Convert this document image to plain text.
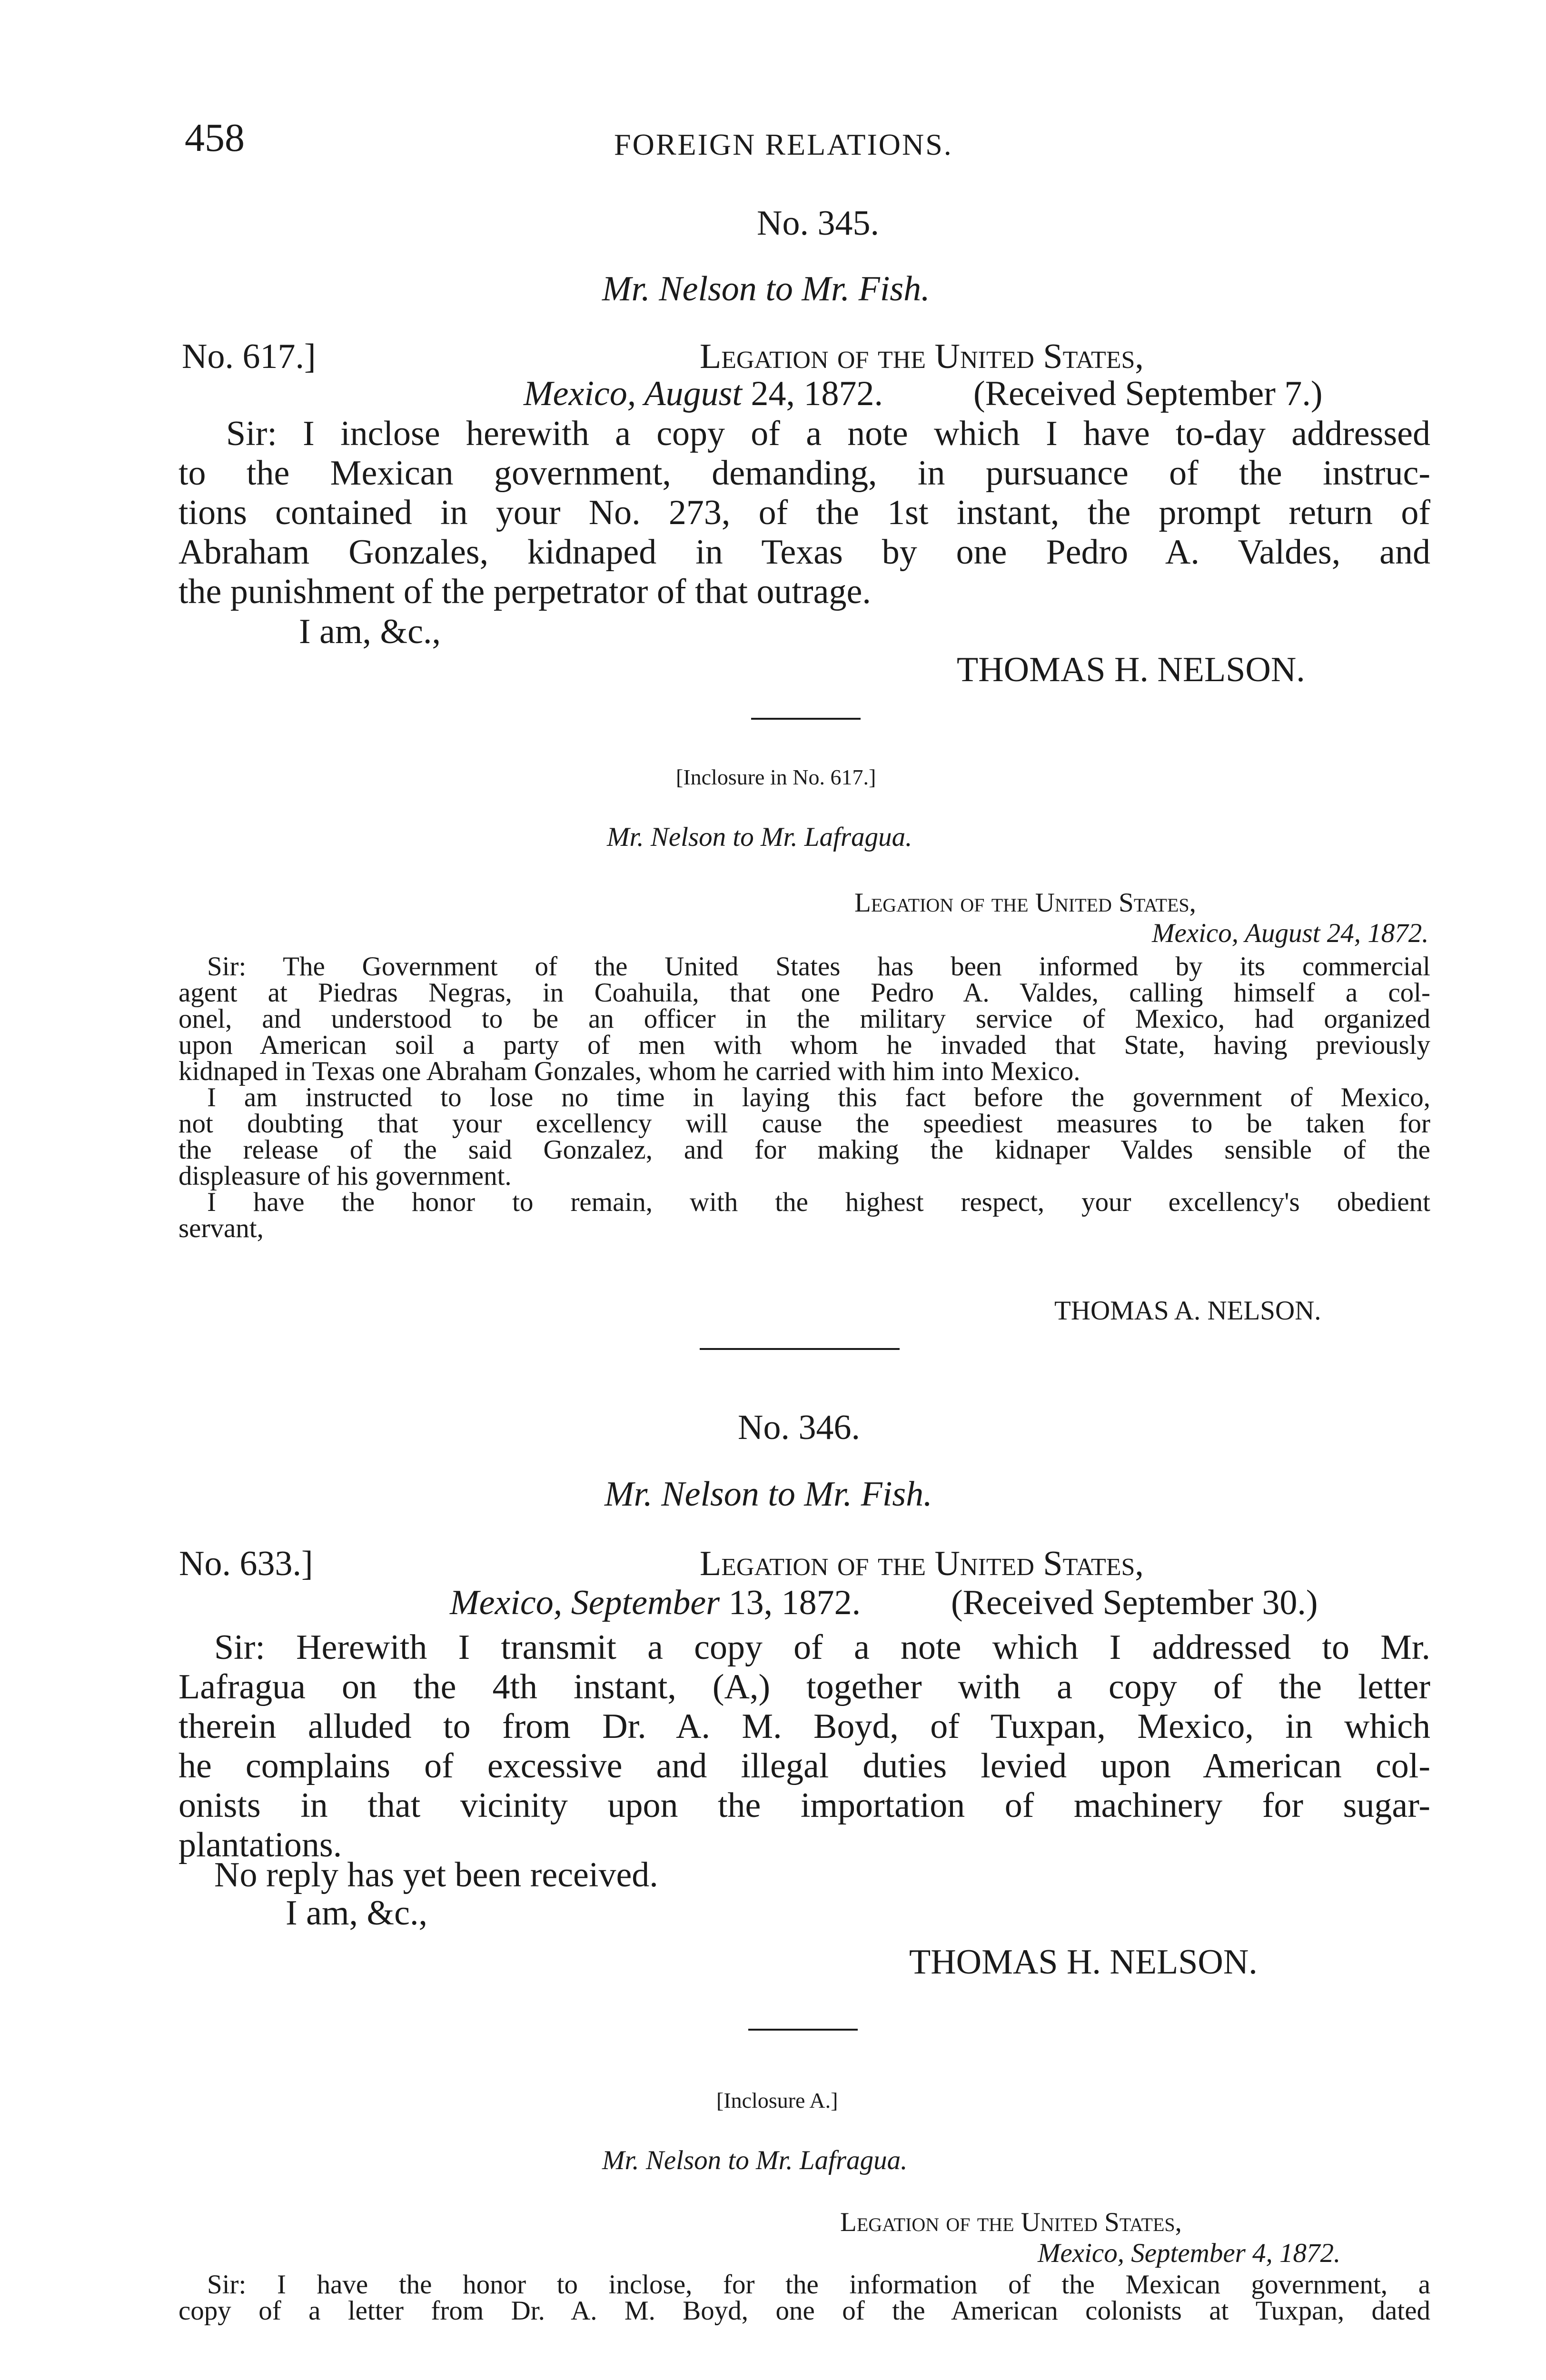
458	FOREIGN RELATIONS.
No. 345.
Mr. Nelson to Mr. Fish.
No. 617.]	Legation of the United States,
Mexico, August 24, 1872.	(Received September 7.)
Sir: I inclose herewith a copy of a note which I have to-day addressed
to the Mexican government, demanding, in pursuance of the instruc-
tions contained in your No. 273, of the 1st instant, the prompt return of
Abraham Gonzales, kidnaped in Texas by one Pedro A. Valdes, and
the punishment of the perpetrator of that outrage.
I am, &c.,
THOMAS H. NELSON.
[Inclosure in No. 617.]
Mr. Nelson to Mr. Lafragua.
Legation of the United States,
Mexico, August 24, 1872.
Sir: The Government of the United States has been informed by its commercial
agent at Piedras Negras, in Coahuila, that one Pedro A. Valdes, calling himself a col-
onel, and understood to be an officer in the military service of Mexico, had organized
upon American soil a party of men with whom he invaded that State, having previously
kidnaped in Texas one Abraham Gonzales, whom he carried with him into Mexico.
I am instructed to lose no time in laying this fact before the government of Mexico,
not doubting that your excellency will cause the speediest measures to be taken for
the release of the said Gonzalez, and for making the kidnaper Valdes sensible of the
displeasure of his government.
I have the honor to remain, with the highest respect, your excellency's obedient
servant,
THOMAS A. NELSON.
No. 346.
Mr. Nelson to Mr. Fish.
No. 633.]	Legation of the United States,
Mexico, September 13, 1872.	(Received September 30.)
Sir: Herewith I transmit a copy of a note which I addressed to Mr.
Lafragua on the 4th instant, (A,) together with a copy of the letter
therein alluded to from Dr. A. M. Boyd, of Tuxpan, Mexico, in which
he complains of excessive and illegal duties levied upon American col-
onists in that vicinity upon the importation of machinery for sugar-
plantations.
No reply has yet been received.
I am, &c.,
THOMAS H. NELSON.
[Inclosure A.]
Mr. Nelson to Mr. Lafragua.
Legation of the United States,
Mexico, September 4, 1872.
Sir: I have the honor to inclose, for the information of the Mexican government, a
copy of a letter from Dr. A. M. Boyd, one of the American colonists at Tuxpan, dated
